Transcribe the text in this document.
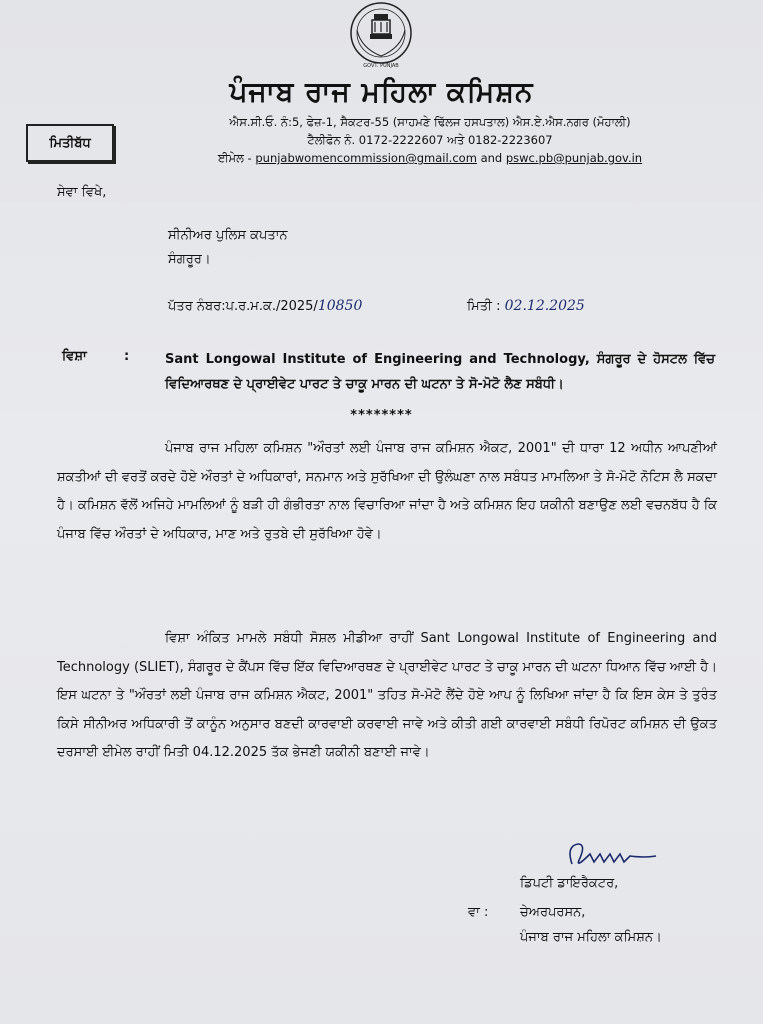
GOVT. PUNJAB
ਪੰਜਾਬ ਰਾਜ ਮਹਿਲਾ ਕਮਿਸ਼ਨ
ਮਿਤੀਬੱਧ
ਐਸ.ਸੀ.ਓ. ਨੰ:5, ਫੇਜ਼-1, ਸੈਕਟਰ-55 (ਸਾਹਮਣੇ ਢਿੱਲਜ ਹਸਪਤਾਲ) ਐਸ.ਏ.ਐਸ.ਨਗਰ (ਮੋਹਾਲੀ)
ਟੈਲੀਫੋਨ ਨੰ. 0172-2222607 ਅਤੇ 0182-2223607
ਈਮੇਲ - punjabwomencommission@gmail.com and pswc.pb@punjab.gov.in
ਸੇਵਾ ਵਿਖੇ,
ਸੀਨੀਅਰ ਪੁਲਿਸ ਕਪਤਾਨ
ਸੰਗਰੂਰ।
ਪੱਤਰ ਨੰਬਰ:ਪ.ਰ.ਮ.ਕ./2025/10850	ਮਿਤੀ : 02.12.2025
ਵਿਸ਼ਾ	:	Sant Longowal Institute of Engineering and Technology, ਸੰਗਰੂਰ ਦੇ ਹੋਸਟਲ ਵਿੱਚ ਵਿਦਿਆਰਥਣ ਦੇ ਪ੍ਰਾਈਵੇਟ ਪਾਰਟ ਤੇ ਚਾਕੂ ਮਾਰਨ ਦੀ ਘਟਨਾ ਤੇ ਸੋ-ਮੋਟੋ ਲੈਣ ਸਬੰਧੀ।
********
ਪੰਜਾਬ ਰਾਜ ਮਹਿਲਾ ਕਮਿਸ਼ਨ "ਔਰਤਾਂ ਲਈ ਪੰਜਾਬ ਰਾਜ ਕਮਿਸ਼ਨ ਐਕਟ, 2001" ਦੀ ਧਾਰਾ 12 ਅਧੀਨ ਆਪਣੀਆਂ ਸ਼ਕਤੀਆਂ ਦੀ ਵਰਤੋਂ ਕਰਦੇ ਹੋਏ ਔਰਤਾਂ ਦੇ ਅਧਿਕਾਰਾਂ, ਸਨਮਾਨ ਅਤੇ ਸੁਰੱਖਿਆ ਦੀ ਉਲੰਘਣਾ ਨਾਲ ਸਬੰਧਤ ਮਾਮਲਿਆ ਤੇ ਸੋ-ਮੋਟੋ ਨੋਟਿਸ ਲੈ ਸਕਦਾ ਹੈ। ਕਮਿਸ਼ਨ ਵੱਲੋਂ ਅਜਿਹੇ ਮਾਮਲਿਆਂ ਨੂੰ ਬੜੀ ਹੀ ਗੰਭੀਰਤਾ ਨਾਲ ਵਿਚਾਰਿਆ ਜਾਂਦਾ ਹੈ ਅਤੇ ਕਮਿਸ਼ਨ ਇਹ ਯਕੀਨੀ ਬਣਾਉਣ ਲਈ ਵਚਨਬੱਧ ਹੈ ਕਿ ਪੰਜਾਬ ਵਿੱਚ ਔਰਤਾਂ ਦੇ ਅਧਿਕਾਰ, ਮਾਣ ਅਤੇ ਰੁਤਬੇ ਦੀ ਸੁਰੱਖਿਆ ਹੋਵੇ।
ਵਿਸ਼ਾ ਅੰਕਿਤ ਮਾਮਲੇ ਸਬੰਧੀ ਸੋਸ਼ਲ ਮੀਡੀਆ ਰਾਹੀਂ Sant Longowal Institute of Engineering and Technology (SLIET), ਸੰਗਰੂਰ ਦੇ ਕੈਂਪਸ ਵਿੱਚ ਇੱਕ ਵਿਦਿਆਰਥਣ ਦੇ ਪ੍ਰਾਈਵੇਟ ਪਾਰਟ ਤੇ ਚਾਕੂ ਮਾਰਨ ਦੀ ਘਟਨਾ ਧਿਆਨ ਵਿੱਚ ਆਈ ਹੈ। ਇਸ ਘਟਨਾ ਤੇ "ਔਰਤਾਂ ਲਈ ਪੰਜਾਬ ਰਾਜ ਕਮਿਸ਼ਨ ਐਕਟ, 2001" ਤਹਿਤ ਸੋ-ਮੋਟੋ ਲੈਂਦੇ ਹੋਏ ਆਪ ਨੂੰ ਲਿਖਿਆ ਜਾਂਦਾ ਹੈ ਕਿ ਇਸ ਕੇਸ ਤੇ ਤੁਰੰਤ ਕਿਸੇ ਸੀਨੀਅਰ ਅਧਿਕਾਰੀ ਤੋਂ ਕਾਨੂੰਨ ਅਨੁਸਾਰ ਬਣਦੀ ਕਾਰਵਾਈ ਕਰਵਾਈ ਜਾਵੇ ਅਤੇ ਕੀਤੀ ਗਈ ਕਾਰਵਾਈ ਸਬੰਧੀ ਰਿਪੋਰਟ ਕਮਿਸ਼ਨ ਦੀ ਉਕਤ ਦਰਸਾਈ ਈਮੇਲ ਰਾਹੀਂ ਮਿਤੀ 04.12.2025 ਤੱਕ ਭੇਜਣੀ ਯਕੀਨੀ ਬਣਾਈ ਜਾਵੇ।
ਡਿਪਟੀ ਡਾਇਰੈਕਟਰ,
ਵਾ : ਚੇਅਰਪਰਸਨ,
ਪੰਜਾਬ ਰਾਜ ਮਹਿਲਾ ਕਮਿਸ਼ਨ।
